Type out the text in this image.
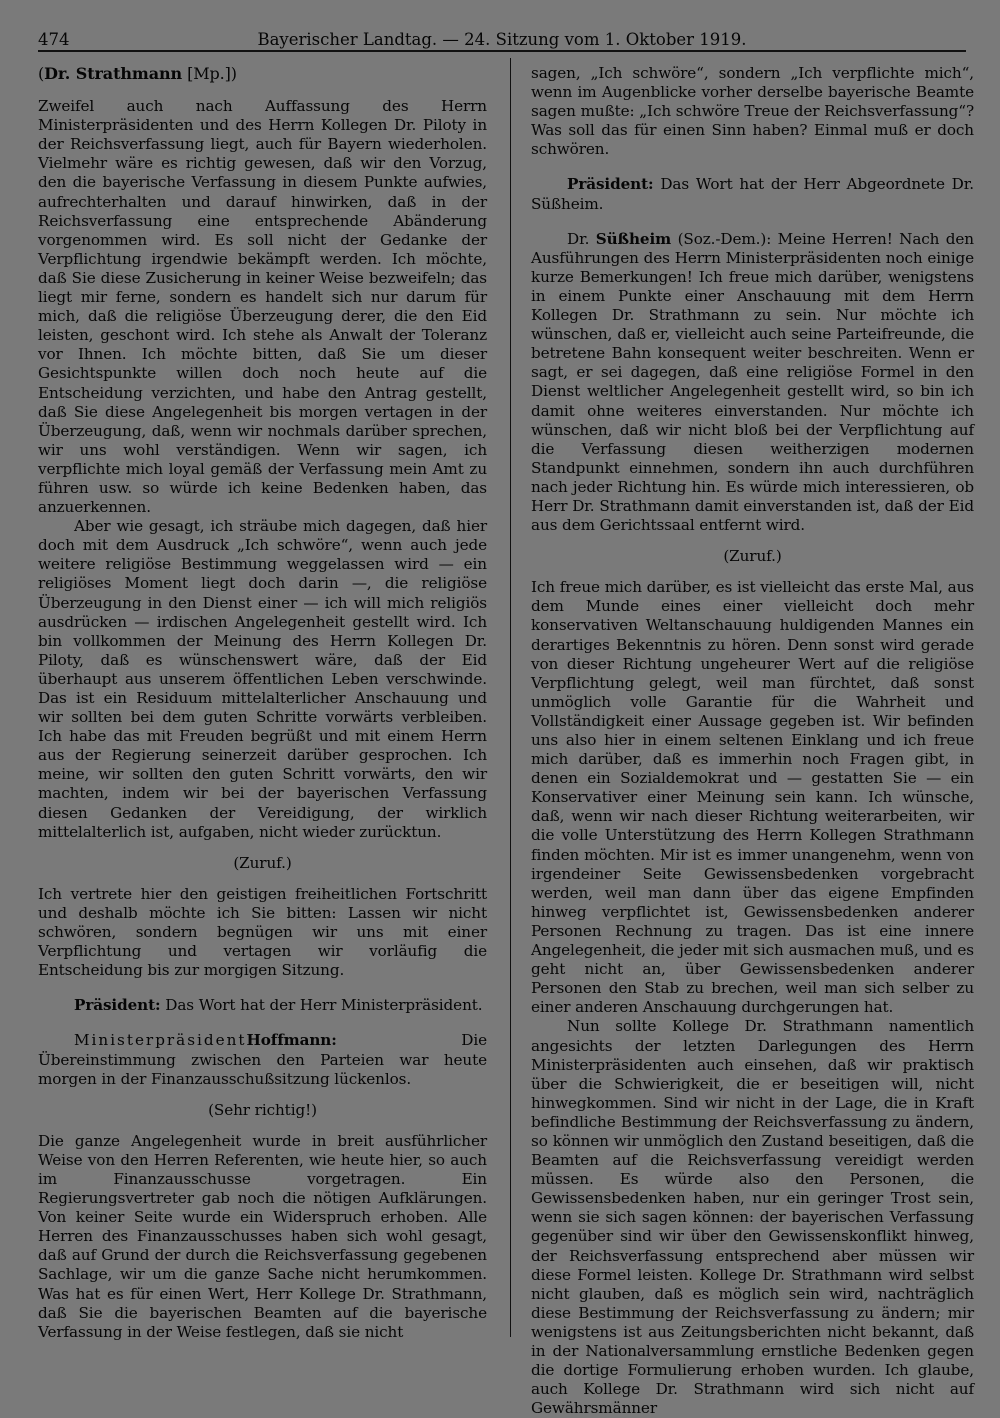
474	Bayerischer Landtag. — 24. Sitzung vom 1. Oktober 1919.

(Dr. Strathmann [Mp.])

Zweifel auch nach Auffassung des Herrn Ministerpräsidenten und des Herrn Kollegen Dr. Piloty in der Reichsverfassung liegt, auch für Bayern wiederholen. Vielmehr wäre es richtig gewesen, daß wir den Vorzug, den die bayerische Verfassung in diesem Punkte aufwies, aufrechterhalten und darauf hinwirken, daß in der Reichsverfassung eine entsprechende Abänderung vorgenommen wird. Es soll nicht der Gedanke der Verpflichtung irgendwie bekämpft werden. Ich möchte, daß Sie diese Zusicherung in keiner Weise bezweifeln; das liegt mir ferne, sondern es handelt sich nur darum für mich, daß die religiöse Überzeugung derer, die den Eid leisten, geschont wird. Ich stehe als Anwalt der Toleranz vor Ihnen. Ich möchte bitten, daß Sie um dieser Gesichtspunkte willen doch noch heute auf die Entscheidung verzichten, und habe den Antrag gestellt, daß Sie diese Angelegenheit bis morgen vertagen in der Überzeugung, daß, wenn wir nochmals darüber sprechen, wir uns wohl verständigen. Wenn wir sagen, ich verpflichte mich loyal gemäß der Verfassung mein Amt zu führen usw. so würde ich keine Bedenken haben, das anzuerkennen.

Aber wie gesagt, ich sträube mich dagegen, daß hier doch mit dem Ausdruck „Ich schwöre“, wenn auch jede weitere religiöse Bestimmung weggelassen wird — ein religiöses Moment liegt doch darin —, die religiöse Überzeugung in den Dienst einer — ich will mich religiös ausdrücken — irdischen Angelegenheit gestellt wird. Ich bin vollkommen der Meinung des Herrn Kollegen Dr. Piloty, daß es wünschenswert wäre, daß der Eid überhaupt aus unserem öffentlichen Leben verschwinde. Das ist ein Residuum mittelalterlicher Anschauung und wir sollten bei dem guten Schritte vorwärts verbleiben. Ich habe das mit Freuden begrüßt und mit einem Herrn aus der Regierung seinerzeit darüber gesprochen. Ich meine, wir sollten den guten Schritt vorwärts, den wir machten, indem wir bei der bayerischen Verfassung diesen Gedanken der Vereidigung, der wirklich mittelalterlich ist, aufgaben, nicht wieder zurücktun.

(Zuruf.)

Ich vertrete hier den geistigen freiheitlichen Fortschritt und deshalb möchte ich Sie bitten: Lassen wir nicht schwören, sondern begnügen wir uns mit einer Verpflichtung und vertagen wir vorläufig die Entscheidung bis zur morgigen Sitzung.

Präsident: Das Wort hat der Herr Ministerpräsident.

MinisterpräsidentHoffmann:	Die Übereinstimmung zwischen den Parteien war heute morgen in der Finanzausschußsitzung lückenlos.

(Sehr richtig!)

Die ganze Angelegenheit wurde in breit ausführlicher Weise von den Herren Referenten, wie heute hier, so auch im Finanzausschusse vorgetragen. Ein Regierungsvertreter gab noch die nötigen Aufklärungen. Von keiner Seite wurde ein Widerspruch erhoben. Alle Herren des Finanzausschusses haben sich wohl gesagt, daß auf Grund der durch die Reichsverfassung gegebenen Sachlage, wir um die ganze Sache nicht herumkommen. Was hat es für einen Wert, Herr Kollege Dr. Strathmann, daß Sie die bayerischen Beamten auf die bayerische Verfassung in der Weise festlegen, daß sie nicht

sagen, „Ich schwöre“, sondern „Ich verpflichte mich“, wenn im Augenblicke vorher derselbe bayerische Beamte sagen mußte: „Ich schwöre Treue der Reichsverfassung“? Was soll das für einen Sinn haben? Einmal muß er doch schwören.

Präsident: Das Wort hat der Herr Abgeordnete Dr. Süßheim.

Dr. Süßheim (Soz.-Dem.): Meine Herren! Nach den Ausführungen des Herrn Ministerpräsidenten noch einige kurze Bemerkungen! Ich freue mich darüber, wenigstens in einem Punkte einer Anschauung mit dem Herrn Kollegen Dr. Strathmann zu sein. Nur möchte ich wünschen, daß er, vielleicht auch seine Parteifreunde, die betretene Bahn konsequent weiter beschreiten. Wenn er sagt, er sei dagegen, daß eine religiöse Formel in den Dienst weltlicher Angelegenheit gestellt wird, so bin ich damit ohne weiteres einverstanden. Nur möchte ich wünschen, daß wir nicht bloß bei der Verpflichtung auf die Verfassung diesen weitherzigen modernen Standpunkt einnehmen, sondern ihn auch durchführen nach jeder Richtung hin. Es würde mich interessieren, ob Herr Dr. Strathmann damit einverstanden ist, daß der Eid aus dem Gerichtssaal entfernt wird.

(Zuruf.)

Ich freue mich darüber, es ist vielleicht das erste Mal, aus dem Munde eines einer vielleicht doch mehr konservativen Weltanschauung huldigenden Mannes ein derartiges Bekenntnis zu hören. Denn sonst wird gerade von dieser Richtung ungeheurer Wert auf die religiöse Verpflichtung gelegt, weil man fürchtet, daß sonst unmöglich volle Garantie für die Wahrheit und Vollständigkeit einer Aussage gegeben ist. Wir befinden uns also hier in einem seltenen Einklang und ich freue mich darüber, daß es immerhin noch Fragen gibt, in denen ein Sozialdemokrat und — gestatten Sie — ein Konservativer einer Meinung sein kann. Ich wünsche, daß, wenn wir nach dieser Richtung weiterarbeiten, wir die volle Unterstützung des Herrn Kollegen Strathmann finden möchten. Mir ist es immer unangenehm, wenn von irgendeiner Seite Gewissensbedenken vorgebracht werden, weil man dann über das eigene Empfinden hinweg verpflichtet ist, Gewissensbedenken anderer Personen Rechnung zu tragen. Das ist eine innere Angelegenheit, die jeder mit sich ausmachen muß, und es geht nicht an, über Gewissensbedenken anderer Personen den Stab zu brechen, weil man sich selber zu einer anderen Anschauung durchgerungen hat.

Nun sollte Kollege Dr. Strathmann namentlich angesichts der letzten Darlegungen des Herrn Ministerpräsidenten auch einsehen, daß wir praktisch über die Schwierigkeit, die er beseitigen will, nicht hinwegkommen. Sind wir nicht in der Lage, die in Kraft befindliche Bestimmung der Reichsverfassung zu ändern, so können wir unmöglich den Zustand beseitigen, daß die Beamten auf die Reichsverfassung vereidigt werden müssen. Es würde also den Personen, die Gewissensbedenken haben, nur ein geringer Trost sein, wenn sie sich sagen können: der bayerischen Verfassung gegenüber sind wir über den Gewissenskonflikt hinweg, der Reichsverfassung entsprechend aber müssen wir diese Formel leisten. Kollege Dr. Strathmann wird selbst nicht glauben, daß es möglich sein wird, nachträglich diese Bestimmung der Reichsverfassung zu ändern; mir wenigstens ist aus Zeitungsberichten nicht bekannt, daß in der Nationalversammlung ernstliche Bedenken gegen die dortige Formulierung erhoben wurden. Ich glaube, auch Kollege Dr. Strathmann wird sich nicht auf Gewährsmänner
